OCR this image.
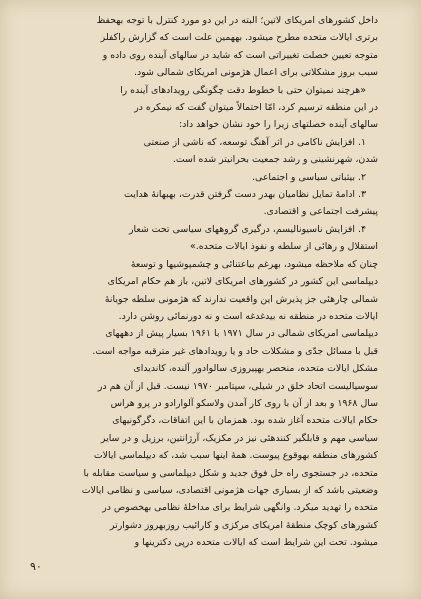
داخل کشورهای امریکای لاتین؛ البته در این دو مورد کنترل با توجه بهحفظ
برتری ایالات متحده مطرح میشود. بههمین علت است که گزارش راکفلر
متوجه تعیین خصلت تغییراتی است که شاید در سالهای آینده روی داده و
سبب بروز مشکلاتی برای اعمال هژمونی امریکای شمالی شود.
«هرچند نمیتوان حتی با خطوط دقت چگونگی رویدادهای آینده را
در این منطقه ترسیم کرد، امّا احتمالاً میتوان گفت که نیمکره در
سالهای آینده خصلتهای زیرا را خود نشان خواهد داد:
۱. افزایش ناکامی در اثر آهنگ توسعه، که ناشی از صنعتی
شدن، شهرنشینی و رشد جمعیت بحرانیتر شده است.
۲. بیثباتی سیاسی و اجتماعی.
۳. ادامهٔ تمایل نظامیان بهدر دست گرفتن قدرت، بهبهانهٔ هدایت
پیشرفت اجتماعی و اقتصادی.
۴. افزایش ناسیونالیسم، درگیری گروههای سیاسی تحت شعار
استقلال و رهائی از سلطه و نفوذ ایالات متحده.»
چنان که ملاحظه میشود، بهرغم بیاعتنائی و چشمپوشیها و توسعهٔ
دیپلماسی این کشور در کشورهای امریکای لاتین، باز هم حکام امریکای
شمالی چارهئی جز پذیرش این واقعیت ندارند که هژمونی سلطه جویانهٔ
ایالات متحده در منطقه نه بیدغدغه است و نه دورنمائی روشن دارد.
دیپلماسی امریکای شمالی در سال ۱۹۷۱ با ۱۹۶۱ بسیار پیش از دهههای
قبل با مسائل جدّی و مشکلات حاد و یا رویدادهای غیر مترقبه مواجه است.
مشکل ایالات متحده، منحصر بهپیروزی سالوادور آلنده، کاندیدای
سوسیالیست اتحاد خلق در شیلی، سپتامبر ۱۹۷۰ نیست. قبل از آن هم در
سال ۱۹۶۸ و بعد از آن با روی کار آمدن ولاسکو آلوارادو در پرو هراس
حکام ایالات متحده آغاز شده بود. همزمان با این اتفاقات، دگرگونیهای
سیاسی مهم و قابلگیر کنندهئی نیز در مکزیک، آرژانتین، برزیل و در سایر
کشورهای منطقه بهوقوع پیوست. همهٔ اینها سبب شد، که دیپلماسی ایالات
متحده، در جستجوی راه حل فوق جدید و شکل دیپلماسی و سیاست مقابله با
وضعیتی باشد که از بسیاری جهات هژمونی اقتصادی، سیاسی و نظامی ایالات
متحده را تهدید میکرد. وانگهی شرایط برای مداخلهٔ نظامی بهخصوص در
کشورهای کوچک منطقهٔ امریکای مرکزی و کارائیب روزبهروز دشوارتر
میشود. تحت این شرایط است که ایالات متحده درپی دکترینها و
۹۰
